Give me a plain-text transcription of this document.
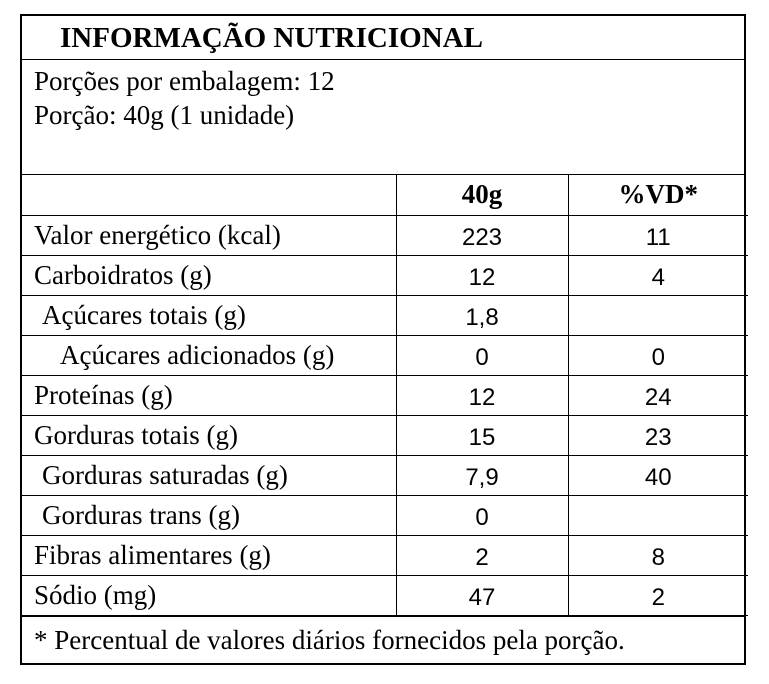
INFORMAÇÃO NUTRICIONAL
Porções por embalagem: 12
Porção: 40g (1 unidade)
	40g	%VD*
Valor energético (kcal)	223	11
Carboidratos (g)	12	4
Açúcares totais (g)	1,8	
Açúcares adicionados (g)	0	0
Proteínas (g)	12	24
Gorduras totais (g)	15	23
Gorduras saturadas (g)	7,9	40
Gorduras trans (g)	0	
Fibras alimentares (g)	2	8
Sódio (mg)	47	2
* Percentual de valores diários fornecidos pela porção.
